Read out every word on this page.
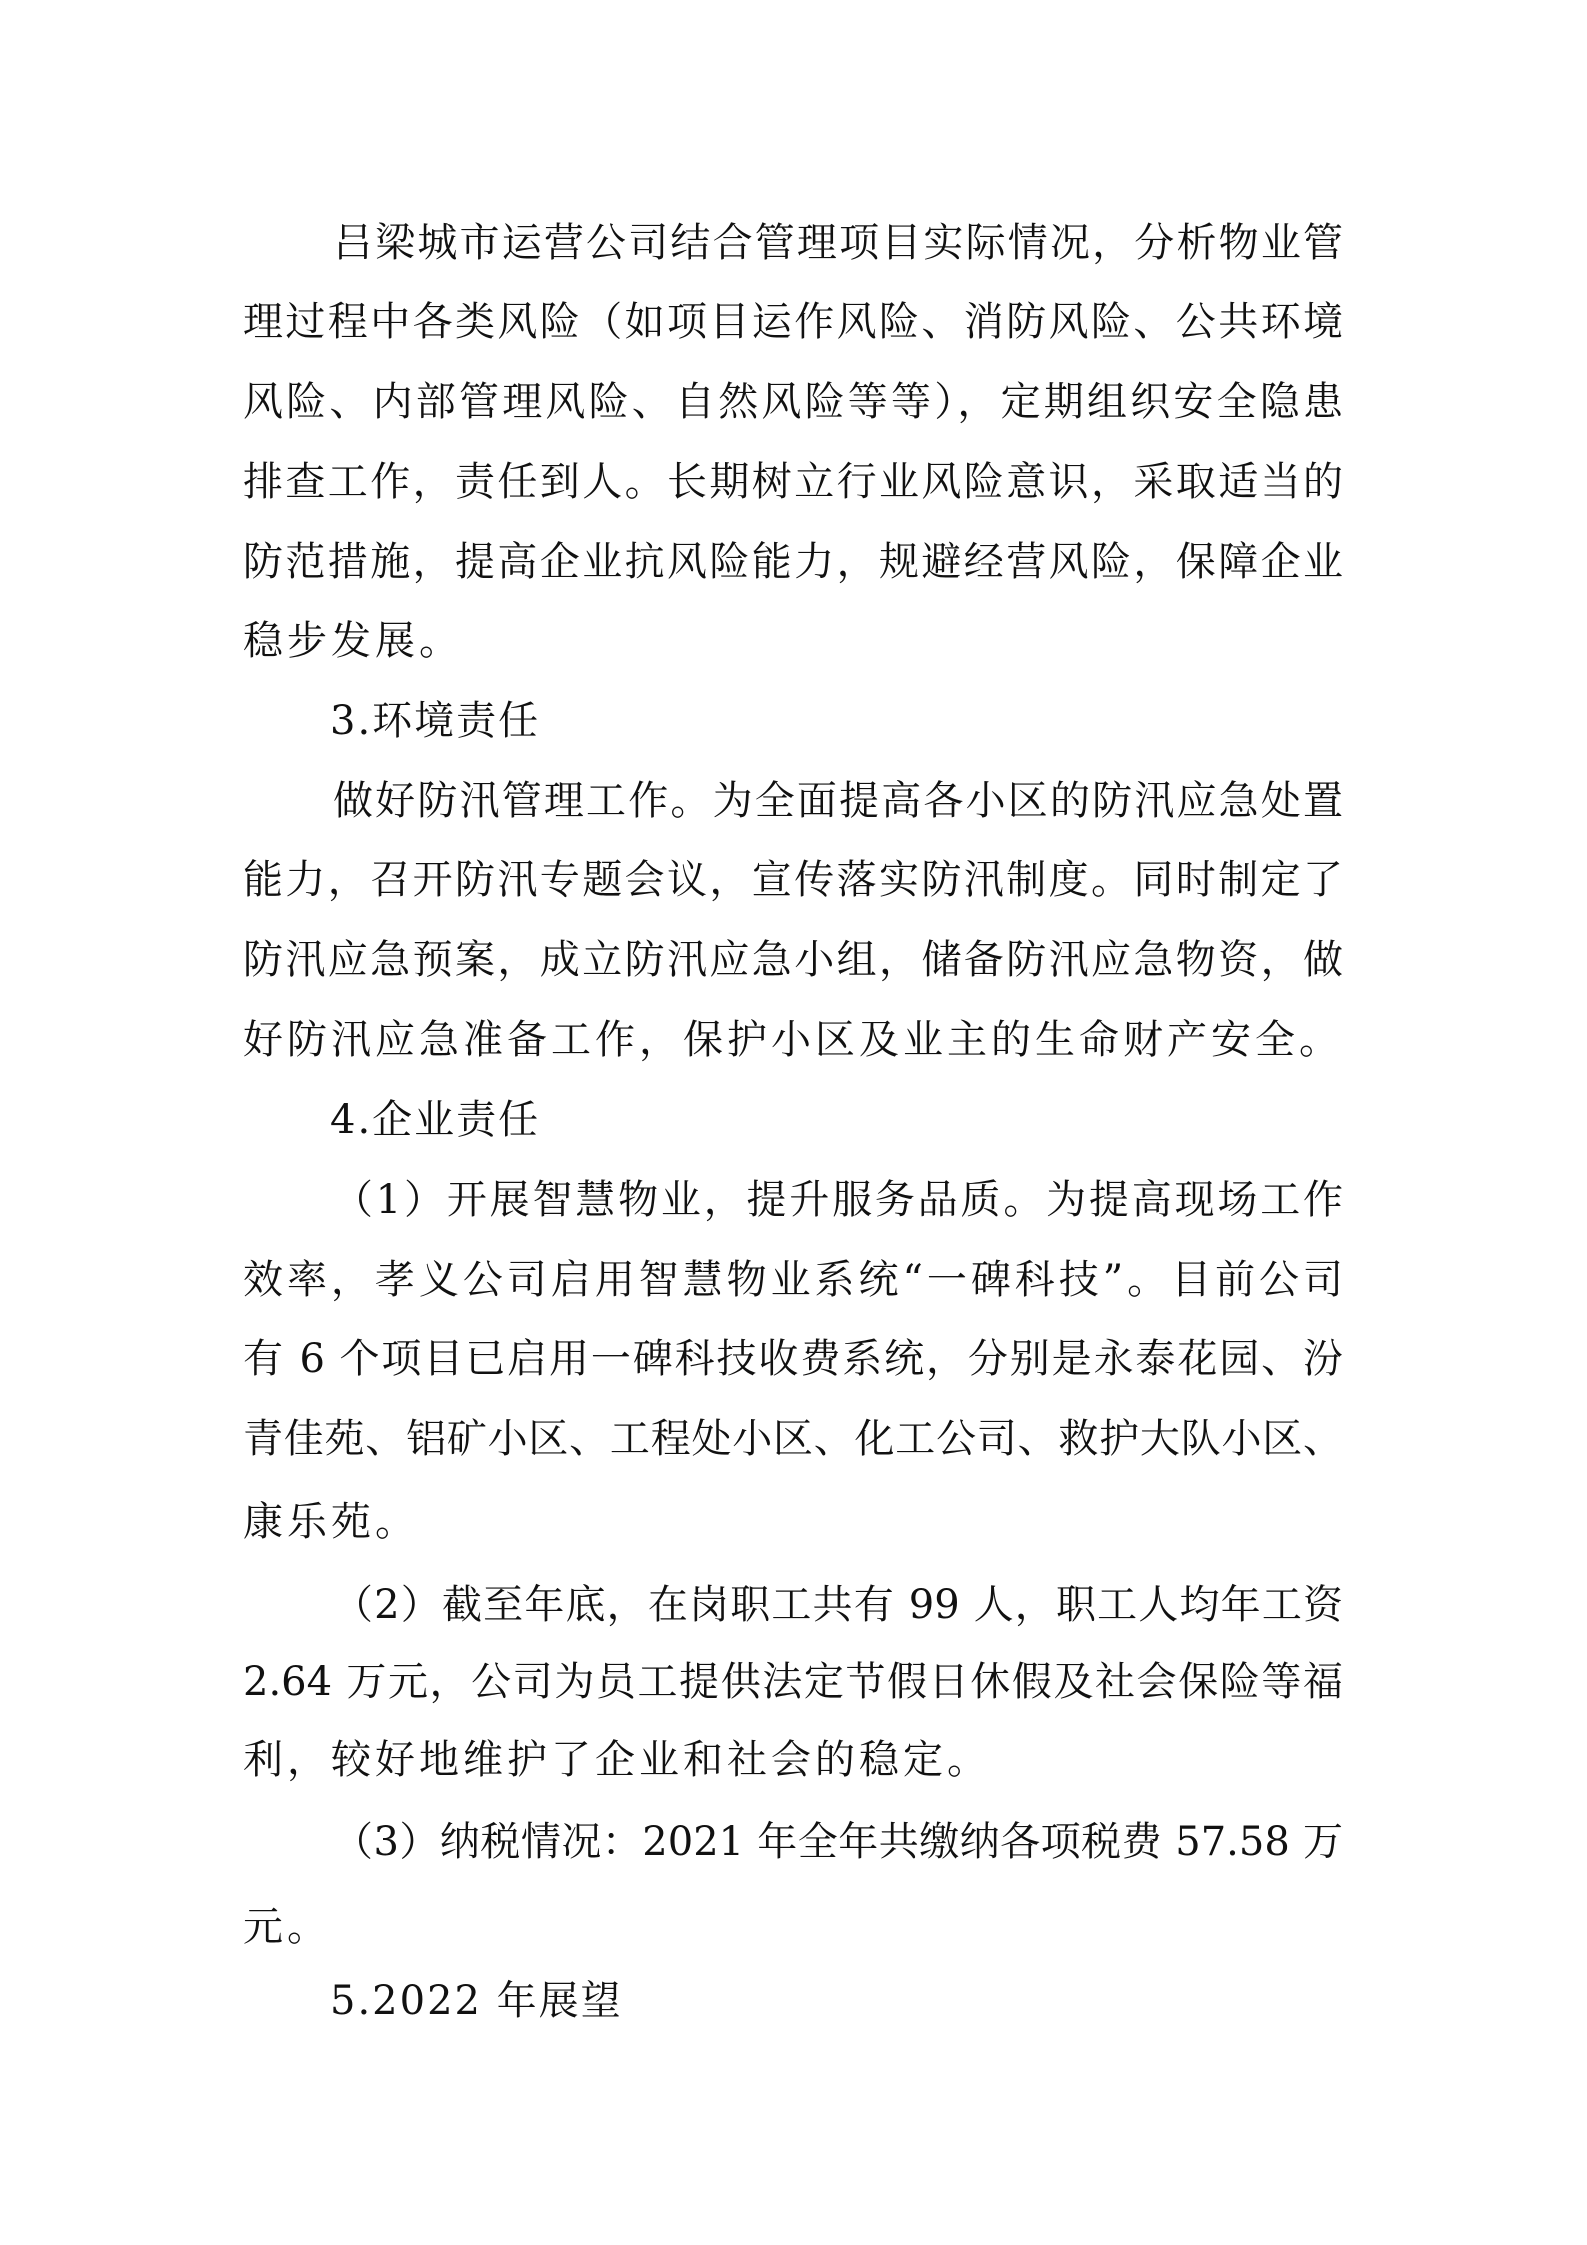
吕梁城市运营公司结合管理项目实际情况，分析物业管
理过程中各类风险（如项目运作风险、消防风险、公共环境
风险、内部管理风险、自然风险等等），定期组织安全隐患
排查工作，责任到人。长期树立行业风险意识，采取适当的
防范措施，提高企业抗风险能力，规避经营风险，保障企业
稳步发展。
3.环境责任
做好防汛管理工作。为全面提高各小区的防汛应急处置
能力，召开防汛专题会议，宣传落实防汛制度。同时制定了
防汛应急预案，成立防汛应急小组，储备防汛应急物资，做
好防汛应急准备工作，保护小区及业主的生命财产安全。
4.企业责任
（1）开展智慧物业，提升服务品质。为提高现场工作
效率，孝义公司启用智慧物业系统“一碑科技”。目前公司
有 6 个项目已启用一碑科技收费系统，分别是永泰花园、汾
青佳苑、铝矿小区、工程处小区、化工公司、救护大队小区、
康乐苑。
（2）截至年底，在岗职工共有 99 人，职工人均年工资
2.64 万元，公司为员工提供法定节假日休假及社会保险等福
利，较好地维护了企业和社会的稳定。
（3）纳税情况：2021 年全年共缴纳各项税费 57.58 万
元。
5.2022 年展望
